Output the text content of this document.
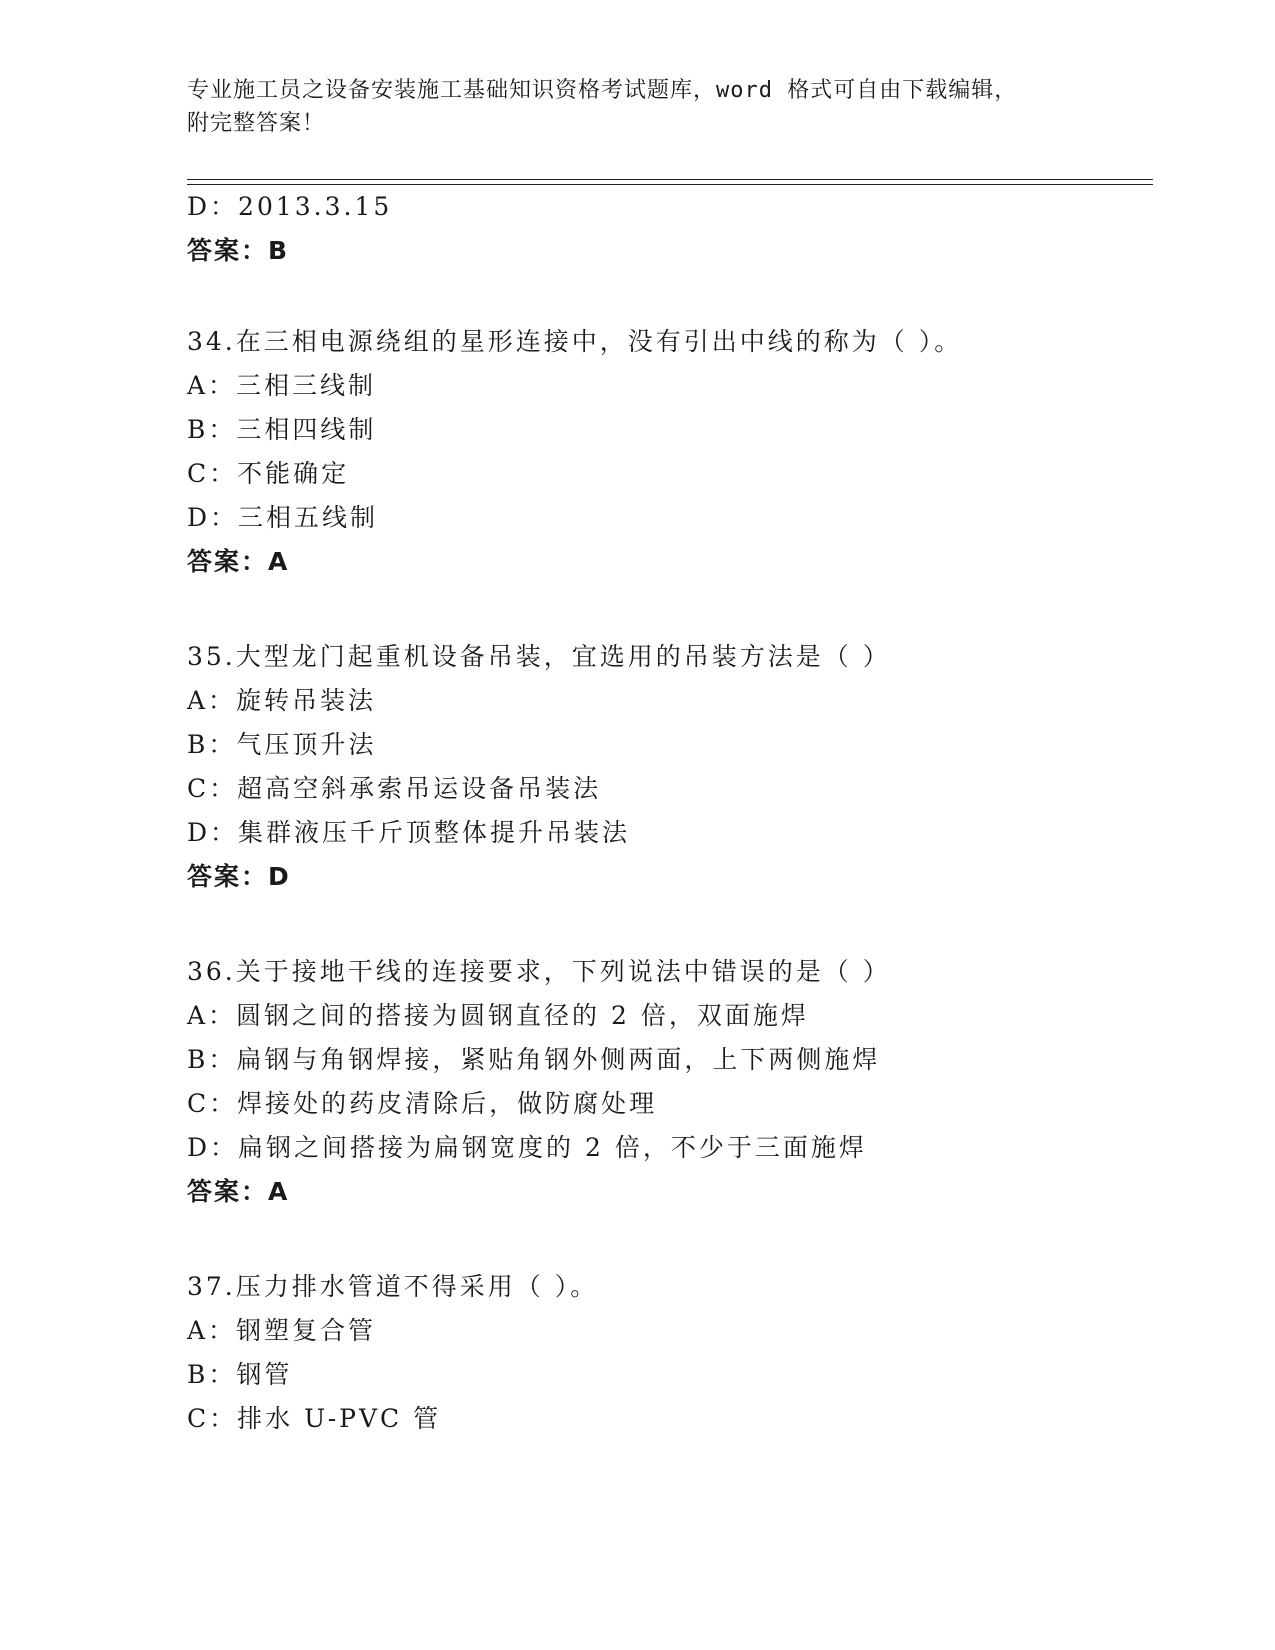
专业施工员之设备安装施工基础知识资格考试题库，word 格式可自由下载编辑，
附完整答案！
D：2013.3.15
答案：B
34.在三相电源绕组的星形连接中，没有引出中线的称为（ ）。
A：三相三线制
B：三相四线制
C：不能确定
D：三相五线制
答案：A
35.大型龙门起重机设备吊装，宜选用的吊装方法是（ ）
A：旋转吊装法
B：气压顶升法
C：超高空斜承索吊运设备吊装法
D：集群液压千斤顶整体提升吊装法
答案：D
36.关于接地干线的连接要求，下列说法中错误的是（ ）
A：圆钢之间的搭接为圆钢直径的 2 倍，双面施焊
B：扁钢与角钢焊接，紧贴角钢外侧两面，上下两侧施焊
C：焊接处的药皮清除后，做防腐处理
D：扁钢之间搭接为扁钢宽度的 2 倍，不少于三面施焊
答案：A
37.压力排水管道不得采用（ ）。
A：钢塑复合管
B：钢管
C：排水 U-PVC 管
